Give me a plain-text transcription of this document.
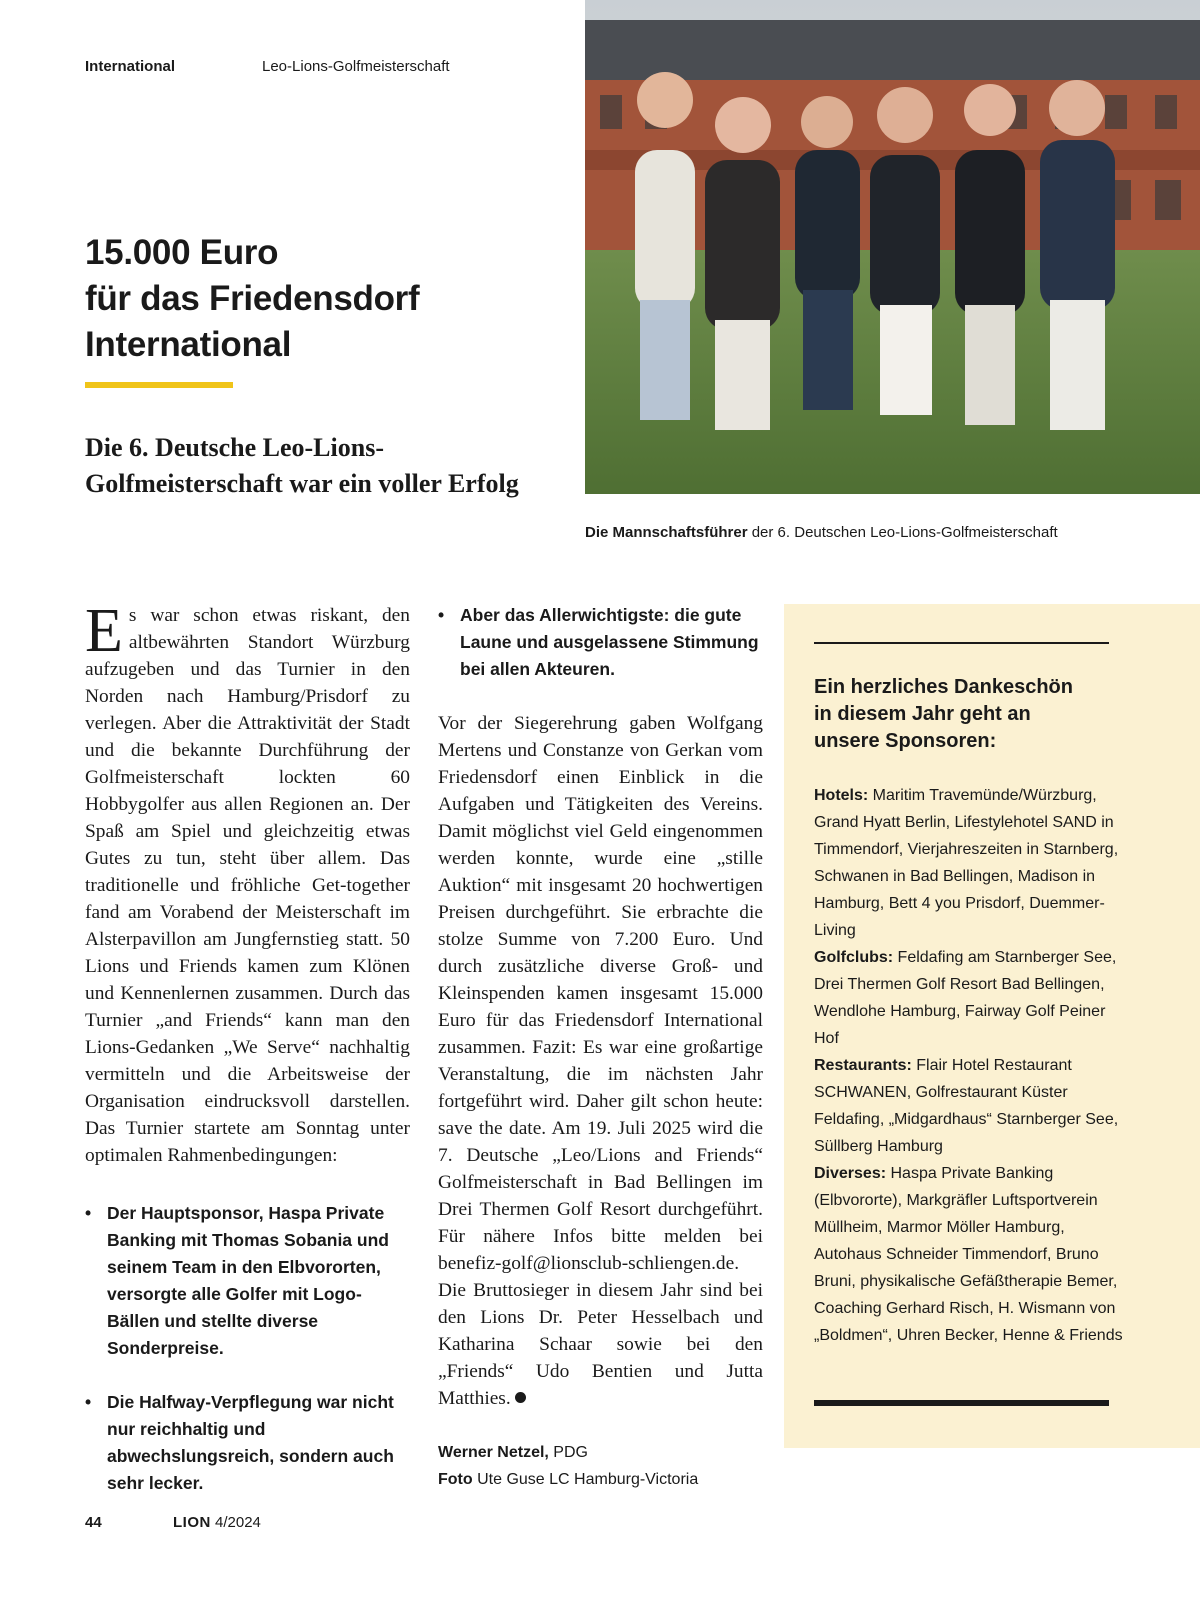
International	Leo-Lions-Golfmeisterschaft
15.000 Euro
für das Friedensdorf
International
Die 6. Deutsche Leo-Lions-
Golfmeisterschaft war ein voller Erfolg
Die Mannschaftsführer der 6. Deutschen Leo-Lions-Golfmeisterschaft

Es war schon etwas riskant, den altbewährten Standort Würzburg aufzugeben und das Turnier in den Norden nach Hamburg/Prisdorf zu verlegen. Aber die Attraktivität der Stadt und die bekannte Durchführung der Golfmeisterschaft lockten 60 Hobbygolfer aus allen Regionen an. Der Spaß am Spiel und gleichzeitig etwas Gutes zu tun, steht über allem. Das traditionelle und fröhliche Get-together fand am Vorabend der Meisterschaft im Alsterpavillon am Jungfernstieg statt. 50 Lions und Friends kamen zum Klönen und Kennenlernen zusammen. Durch das Turnier „and Friends“ kann man den Lions-Gedanken „We Serve“ nachhaltig vermitteln und die Arbeitsweise der Organisation eindrucksvoll darstellen. Das Turnier startete am Sonntag unter optimalen Rahmenbedingungen:

• Der Hauptsponsor, Haspa Private Banking mit Thomas Sobania und seinem Team in den Elbvororten, versorgte alle Golfer mit Logo-Bällen und stellte diverse Sonderpreise.
• Die Halfway-Verpflegung war nicht nur reichhaltig und abwechslungsreich, sondern auch sehr lecker.
• Aber das Allerwichtigste: die gute Laune und ausgelassene Stimmung bei allen Akteuren.

Vor der Siegerehrung gaben Wolfgang Mertens und Constanze von Gerkan vom Friedensdorf einen Einblick in die Aufgaben und Tätigkeiten des Vereins. Damit möglichst viel Geld eingenommen werden konnte, wurde eine „stille Auktion“ mit insgesamt 20 hochwertigen Preisen durchgeführt. Sie erbrachte die stolze Summe von 7.200 Euro. Und durch zusätzliche diverse Groß- und Kleinspenden kamen insgesamt 15.000 Euro für das Friedensdorf International zusammen. Fazit: Es war eine großartige Veranstaltung, die im nächsten Jahr fortgeführt wird. Daher gilt schon heute: save the date. Am 19. Juli 2025 wird die 7. Deutsche „Leo/Lions and Friends“ Golfmeisterschaft in Bad Bellingen im Drei Thermen Golf Resort durchgeführt. Für nähere Infos bitte melden bei benefiz-golf@lionsclub-schliengen.de. Die Bruttosieger in diesem Jahr sind bei den Lions Dr. Peter Hesselbach und Katharina Schaar sowie bei den „Friends“ Udo Bentien und Jutta Matthies.

Werner Netzel, PDG
Foto Ute Guse LC Hamburg-Victoria
Ein herzliches Dankeschön
in diesem Jahr geht an
unsere Sponsoren:
Hotels: Maritim Travemünde/Würzburg, Grand Hyatt Berlin, Lifestylehotel SAND in Timmendorf, Vierjahreszeiten in Starnberg, Schwanen in Bad Bellingen, Madison in Hamburg, Bett 4 you Prisdorf, Duemmer-Living
Golfclubs: Feldafing am Starnberger See, Drei Thermen Golf Resort Bad Bellingen, Wendlohe Hamburg, Fairway Golf Peiner Hof
Restaurants: Flair Hotel Restaurant SCHWANEN, Golfrestaurant Küster Feldafing, „Midgardhaus“ Starnberger See, Süllberg Hamburg
Diverses: Haspa Private Banking (Elbvororte), Markgräfler Luftsportverein Müllheim, Marmor Möller Hamburg, Autohaus Schneider Timmendorf, Bruno Bruni, physikalische Gefäßtherapie Bemer, Coaching Gerhard Risch, H. Wismann von „Boldmen“, Uhren Becker, Henne & Friends
44	LION 4/2024
